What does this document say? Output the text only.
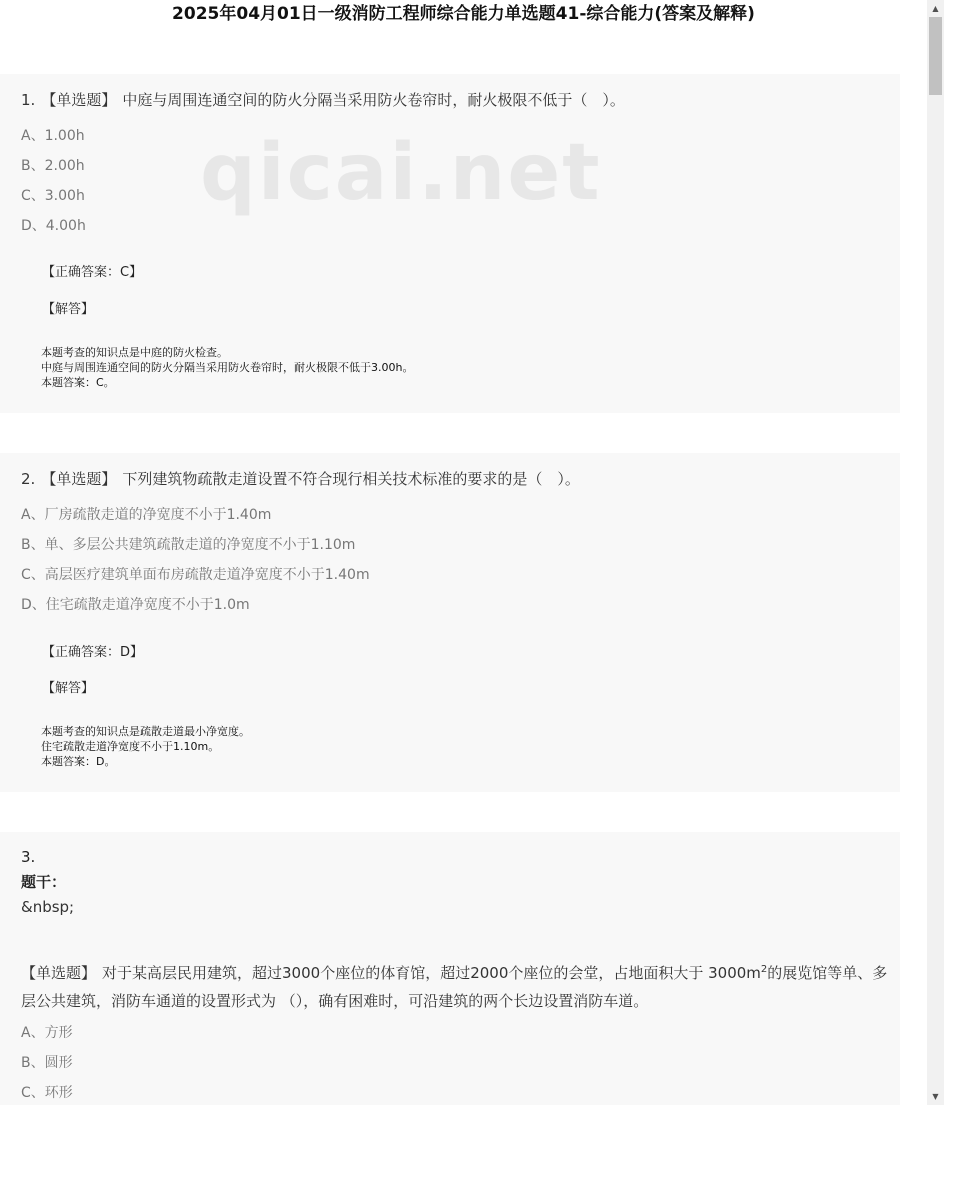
2025年04月01日一级消防工程师综合能力单选题41-综合能力(答案及解释)
qicai.net
1. 【单选题】 中庭与周围连通空间的防火分隔当采用防火卷帘时，耐火极限不低于（　）。
A、1.00h
B、2.00h
C、3.00h
D、4.00h
【正确答案：C】
【解答】
本题考查的知识点是中庭的防火检查。
中庭与周围连通空间的防火分隔当采用防火卷帘时，耐火极限不低于3.00h。
本题答案：C。
2. 【单选题】 下列建筑物疏散走道设置不符合现行相关技术标准的要求的是（　）。
A、厂房疏散走道的净宽度不小于1.40m
B、单、多层公共建筑疏散走道的净宽度不小于1.10m
C、高层医疗建筑单面布房疏散走道净宽度不小于1.40m
D、住宅疏散走道净宽度不小于1.0m
【正确答案：D】
【解答】
本题考查的知识点是疏散走道最小净宽度。
住宅疏散走道净宽度不小于1.10m。
本题答案：D。
3.
题干：
&nbsp;
【单选题】 对于某高层民用建筑，超过3000个座位的体育馆，超过2000个座位的会堂，占地面积大于 $3000m^2$的展览馆等单、多层公共建筑，消防车通道的设置形式为 （），确有困难时，可沿建筑的两个长边设置消防车道。
A、方形
B、圆形
C、环形
▲
▼
